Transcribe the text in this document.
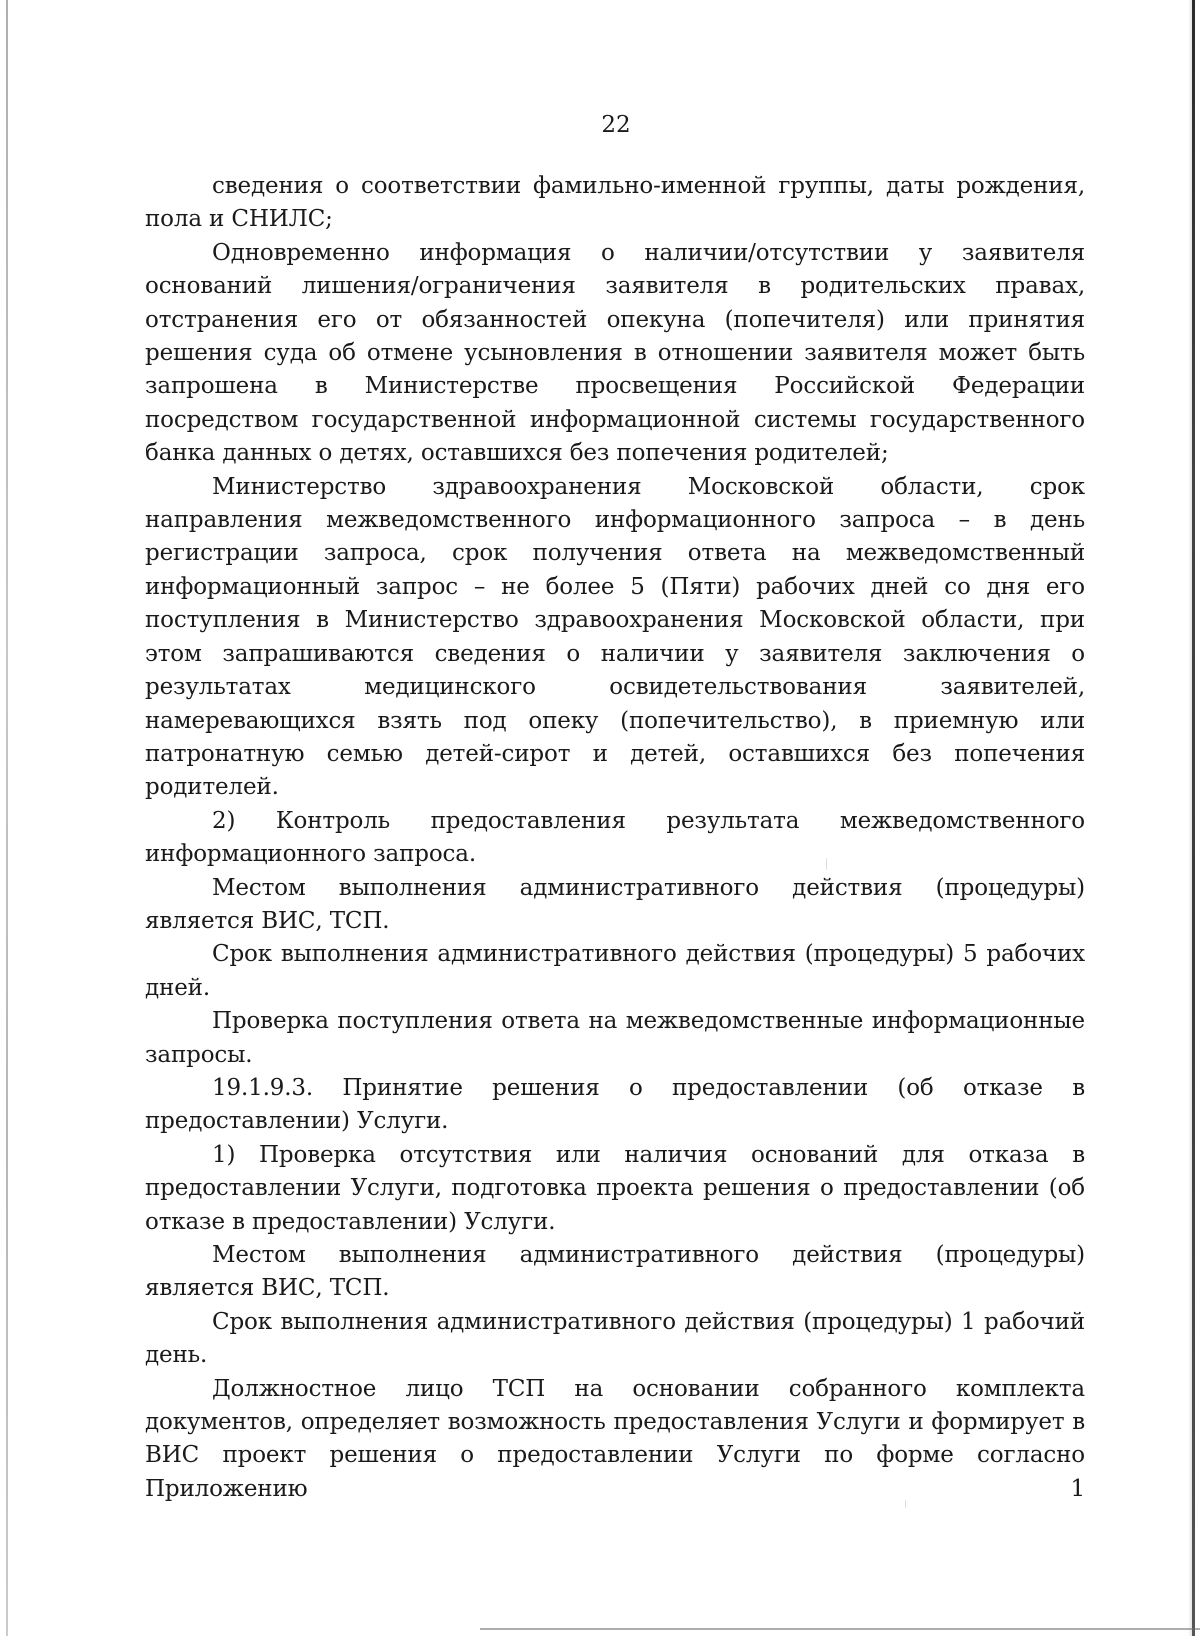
22

сведения о соответствии фамильно-именной группы, даты рождения, пола и СНИЛС;

Одновременно информация о наличии/отсутствии у заявителя оснований лишения/ограничения заявителя в родительских правах, отстранения его от обязанностей опекуна (попечителя) или принятия решения суда об отмене усыновления в отношении заявителя может быть запрошена в Министерстве просвещения Российской Федерации посредством государственной информационной системы государственного банка данных о детях, оставшихся без попечения родителей;

Министерство здравоохранения Московской области, срок направления межведомственного информационного запроса – в день регистрации запроса, срок получения ответа на межведомственный информационный запрос – не более 5 (Пяти) рабочих дней со дня его поступления в Министерство здравоохранения Московской области, при этом запрашиваются сведения о наличии у заявителя заключения о результатах медицинского освидетельствования заявителей, намеревающихся взять под опеку (попечительство), в приемную или патронатную семью детей-сирот и детей, оставшихся без попечения родителей.

2) Контроль предоставления результата межведомственного информационного запроса.

Местом выполнения административного действия (процедуры) является ВИС, ТСП.

Срок выполнения административного действия (процедуры) 5 рабочих дней.

Проверка поступления ответа на межведомственные информационные запросы.

19.1.9.3. Принятие решения о предоставлении (об отказе в предоставлении) Услуги.

1) Проверка отсутствия или наличия оснований для отказа в предоставлении Услуги, подготовка проекта решения о предоставлении (об отказе в предоставлении) Услуги.

Местом выполнения административного действия (процедуры) является ВИС, ТСП.

Срок выполнения административного действия (процедуры) 1 рабочий день.

Должностное лицо ТСП на основании собранного комплекта документов, определяет возможность предоставления Услуги и формирует в ВИС проект решения о предоставлении Услуги по форме согласно Приложению 1
